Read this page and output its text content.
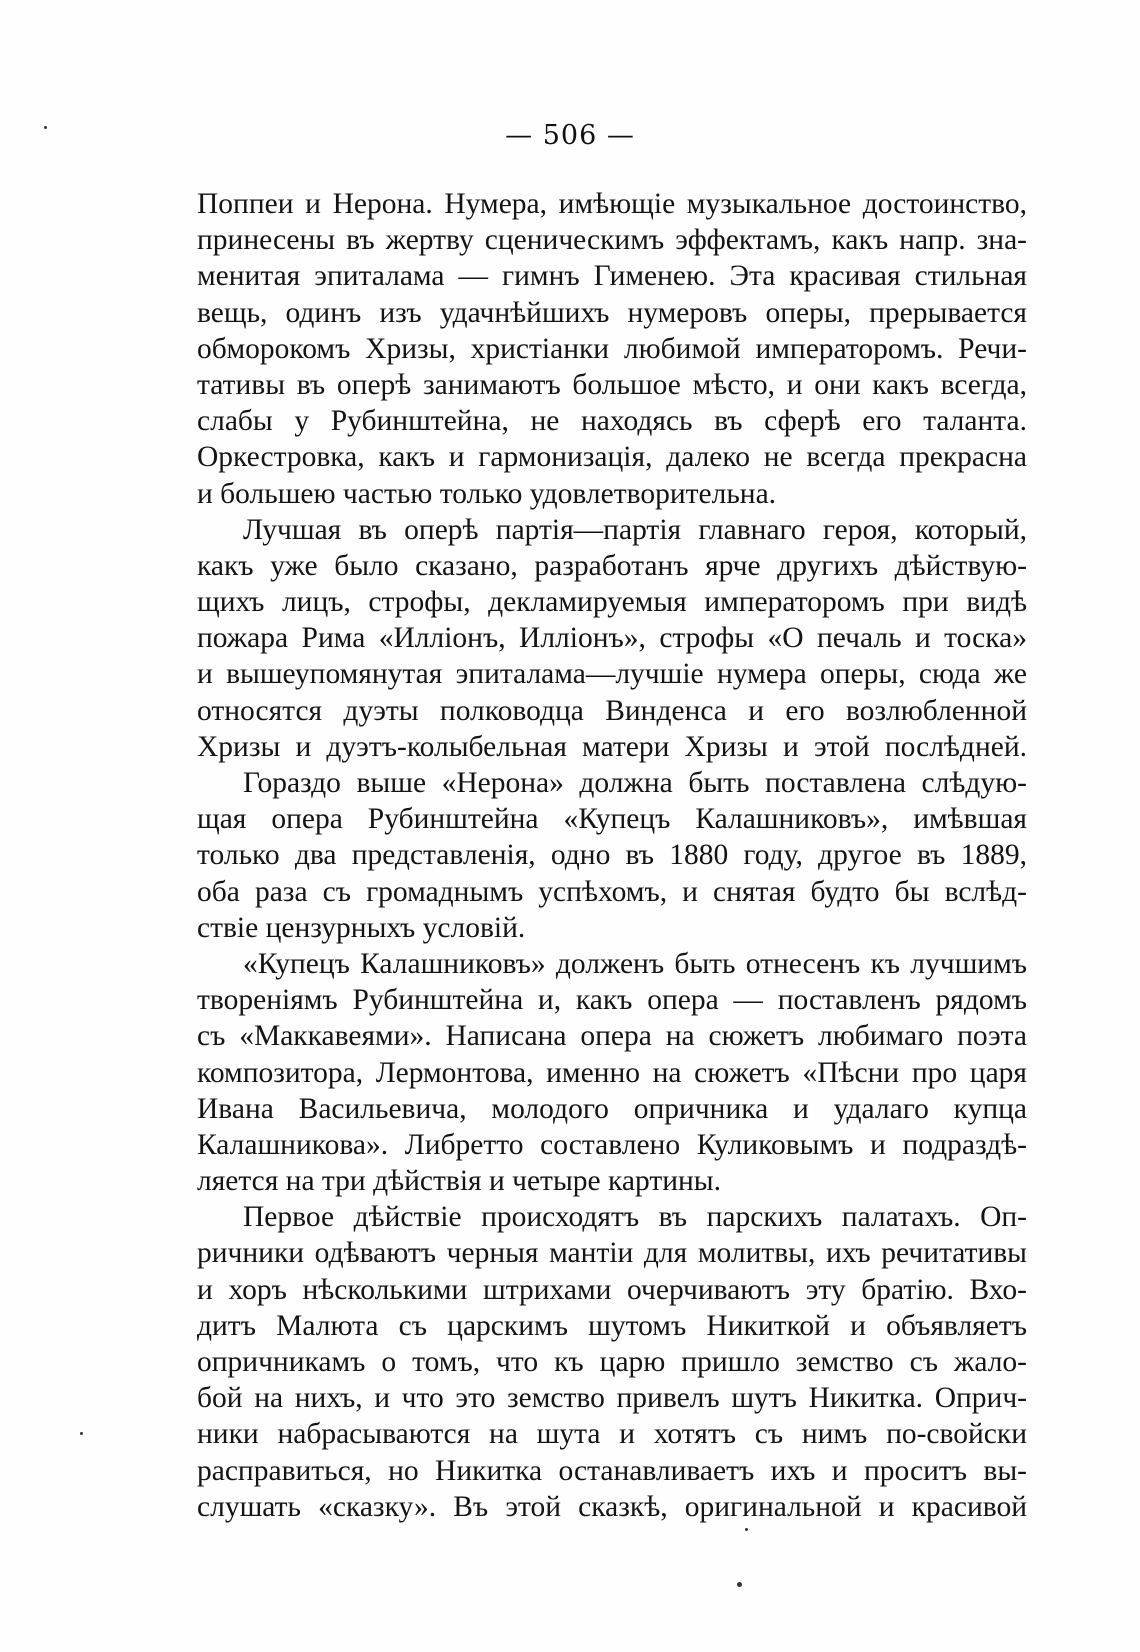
— 506 —
Поппеи и Нерона. Нумера, имѣющіе музыкальное достоинство,
принесены въ жертву сценическимъ эффектамъ, какъ напр. зна-
менитая эпиталама — гимнъ Гименею. Эта красивая стильная
вещь, одинъ изъ удачнѣйшихъ нумеровъ оперы, прерывается
обморокомъ Хризы, христіанки любимой императоромъ. Речи-
тативы въ оперѣ занимаютъ большое мѣсто, и они какъ всегда,
слабы у Рубинштейна, не находясь въ сферѣ его таланта.
Оркестровка, какъ и гармонизація, далеко не всегда прекрасна
и большею частью только удовлетворительна.
Лучшая въ оперѣ партія—партія главнаго героя, который,
какъ уже было сказано, разработанъ ярче другихъ дѣйствую-
щихъ лицъ, строфы, декламируемыя императоромъ при видѣ
пожара Рима «Иллiонъ, Иллiонъ», строфы «О печаль и тоска»
и вышеупомянутая эпиталама—лучшіе нумера оперы, сюда же
относятся дуэты полководца Винденса и его возлюбленной
Хризы и дуэтъ-колыбельная матери Хризы и этой послѣдней.
Гораздо выше «Нерона» должна быть поставлена слѣдую-
щая опера Рубинштейна «Купецъ Калашниковъ», имѣвшая
только два представленія, одно въ 1880 году, другое въ 1889,
оба раза съ громаднымъ успѣхомъ, и снятая будто бы вслѣд-
ствіе цензурныхъ условій.
«Купецъ Калашниковъ» долженъ быть отнесенъ къ лучшимъ
твореніямъ Рубинштейна и, какъ опера — поставленъ рядомъ
съ «Маккавеями». Написана опера на сюжетъ любимаго поэта
композитора, Лермонтова, именно на сюжетъ «Пѣсни про царя
Ивана Васильевича, молодого опричника и удалаго купца
Калашникова». Либретто составлено Куликовымъ и подраздѣ-
ляется на три дѣйствія и четыре картины.
Первое дѣйствіе происходятъ въ парскихъ палатахъ. Оп-
ричники одѣваютъ черныя мантіи для молитвы, ихъ речитативы
и хоръ нѣсколькими штрихами очерчиваютъ эту братію. Вхо-
дитъ Малюта съ царскимъ шутомъ Никиткой и объявляетъ
опричникамъ о томъ, что къ царю пришло земство съ жало-
бой на нихъ, и что это земство привелъ шутъ Никитка. Оприч-
ники набрасываются на шута и хотятъ съ нимъ по-свойски
расправиться, но Никитка останавливаетъ ихъ и проситъ вы-
слушать «сказку». Въ этой сказкѣ, оригинальной и красивой
